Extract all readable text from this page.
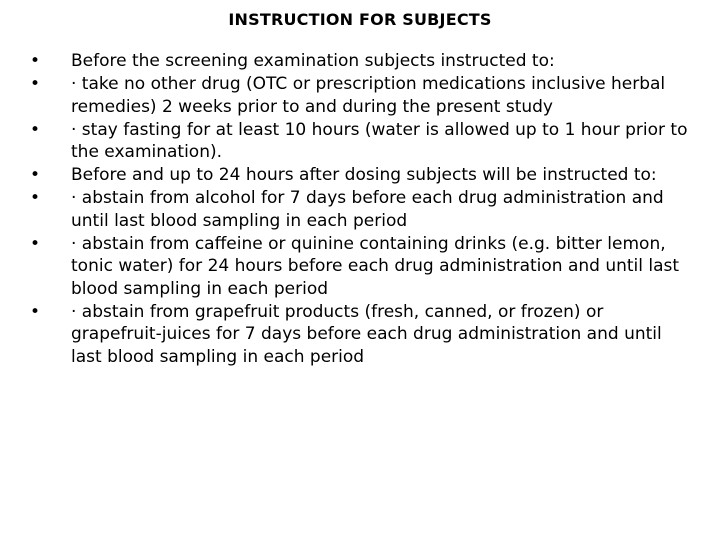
INSTRUCTION FOR SUBJECTS
• Before the screening examination subjects instructed to:
• · take no other drug (OTC or prescription medications inclusive herbal remedies) 2 weeks prior to and during the present study
• · stay fasting for at least 10 hours (water is allowed up to 1 hour prior to the examination).
• Before and up to 24 hours after dosing subjects will be instructed to:
• · abstain from alcohol for 7 days before each drug administration and until last blood sampling in each period
• · abstain from caffeine or quinine containing drinks (e.g. bitter lemon, tonic water) for 24 hours before each drug administration and until last blood sampling in each period
• · abstain from grapefruit products (fresh, canned, or frozen) or grapefruit-juices for 7 days before each drug administration and until last blood sampling in each period
